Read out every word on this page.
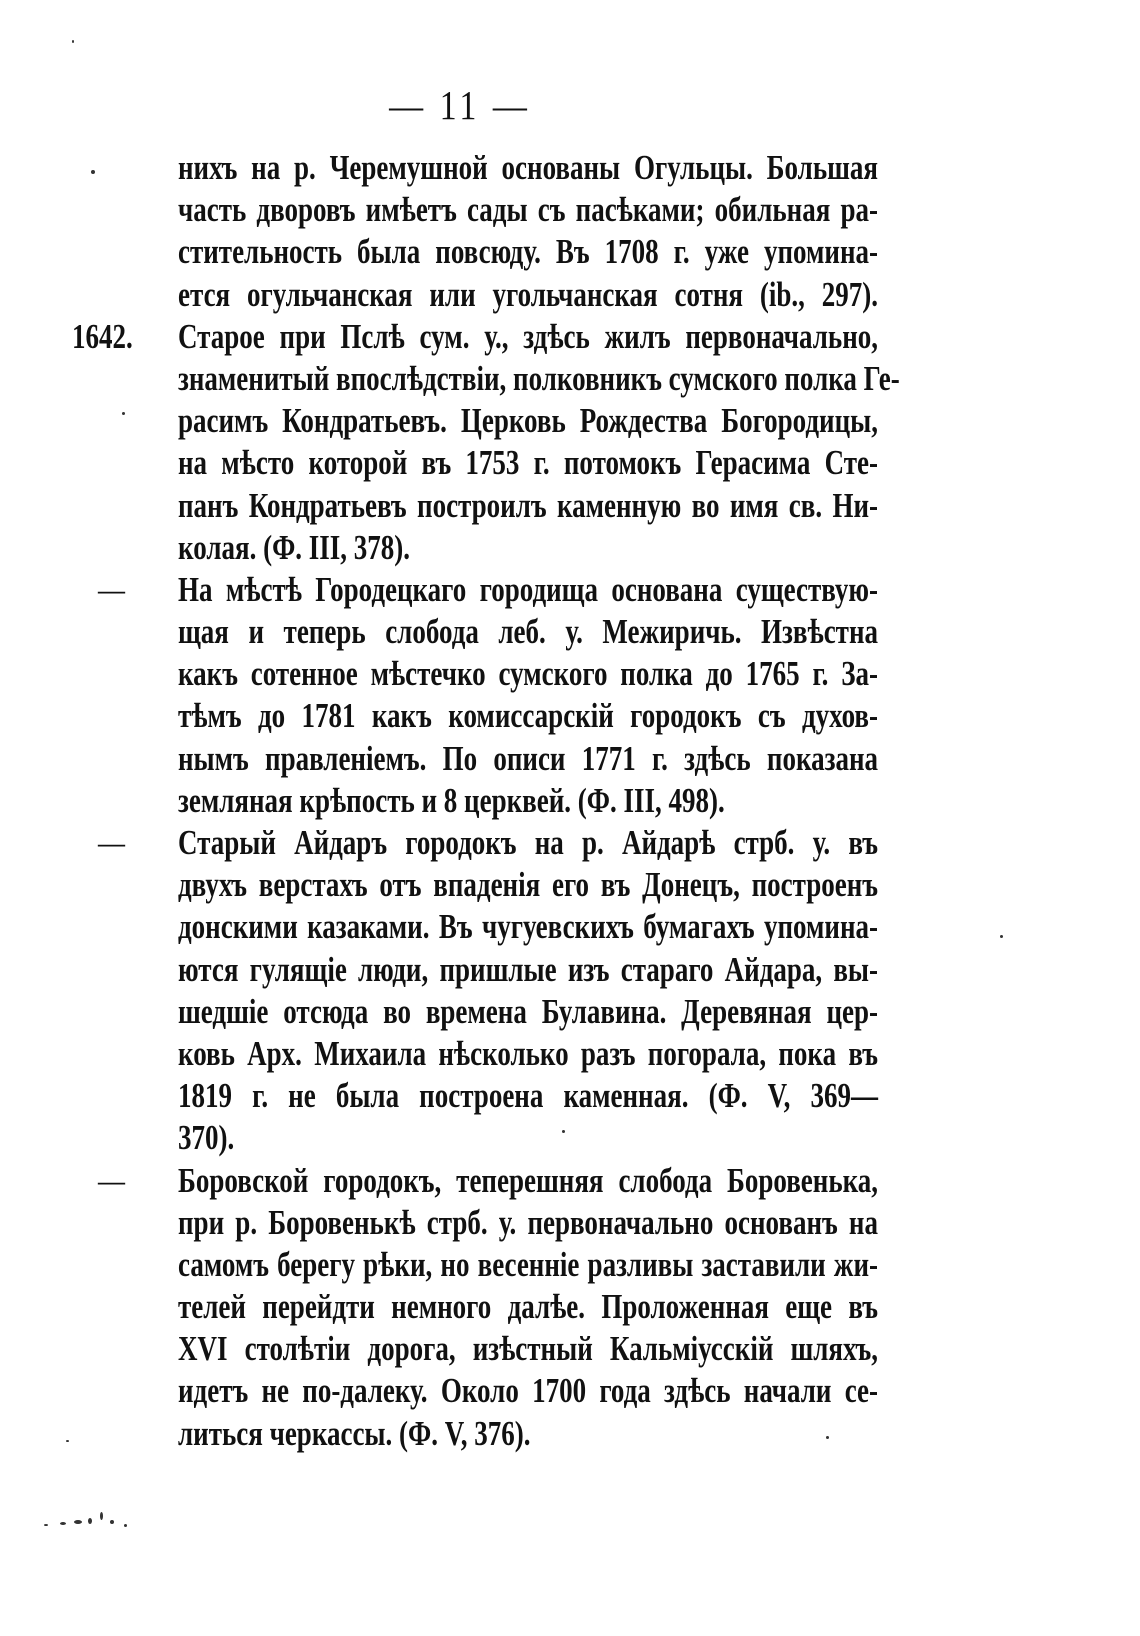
— 11 —
нихъ на р. Черемушной основаны Огульцы. Большая
часть дворовъ имѣетъ сады съ пасѣками; обильная ра-
стительность была повсюду. Въ 1708 г. уже упомина-
ется огульчанская или угольчанская сотня (ib., 297).
1642. Старое при Пслѣ сум. у., здѣсь жилъ первоначально,
знаменитый впослѣдствіи, полковникъ сумского полка Ге-
расимъ Кондратьевъ. Церковь Рождества Богородицы,
на мѣсто которой въ 1753 г. потомокъ Герасима Сте-
панъ Кондратьевъ построилъ каменную во имя св. Ни-
колая. (Ф. III, 378).
— На мѣстѣ Городецкаго городища основана существую-
щая и теперь слобода леб. у. Межиричь. Извѣстна
какъ сотенное мѣстечко сумского полка до 1765 г. За-
тѣмъ до 1781 какъ комиссарскій городокъ съ духов-
нымъ правленіемъ. По описи 1771 г. здѣсь показана
земляная крѣпость и 8 церквей. (Ф. III, 498).
— Старый Айдаръ городокъ на р. Айдарѣ стрб. у. въ
двухъ верстахъ отъ впаденія его въ Донецъ, построенъ
донскими казаками. Въ чугуевскихъ бумагахъ упомина-
ются гулящіе люди, пришлые изъ стараго Айдара, вы-
шедшіе отсюда во времена Булавина. Деревяная цер-
ковь Арх. Михаила нѣсколько разъ погорала, пока въ
1819 г. не была построена каменная. (Ф. V, 369—
370).
— Боровской городокъ, теперешняя слобода Боровенька,
при р. Боровенькѣ стрб. у. первоначально основанъ на
самомъ берегу рѣки, но весенніе разливы заставили жи-
телей перейдти немного далѣе. Проложенная еще въ
XVI столѣтіи дорога, изѣстный Кальміусскій шляхъ,
идетъ не по-далеку. Около 1700 года здѣсь начали се-
литься черкассы. (Ф. V, 376).
